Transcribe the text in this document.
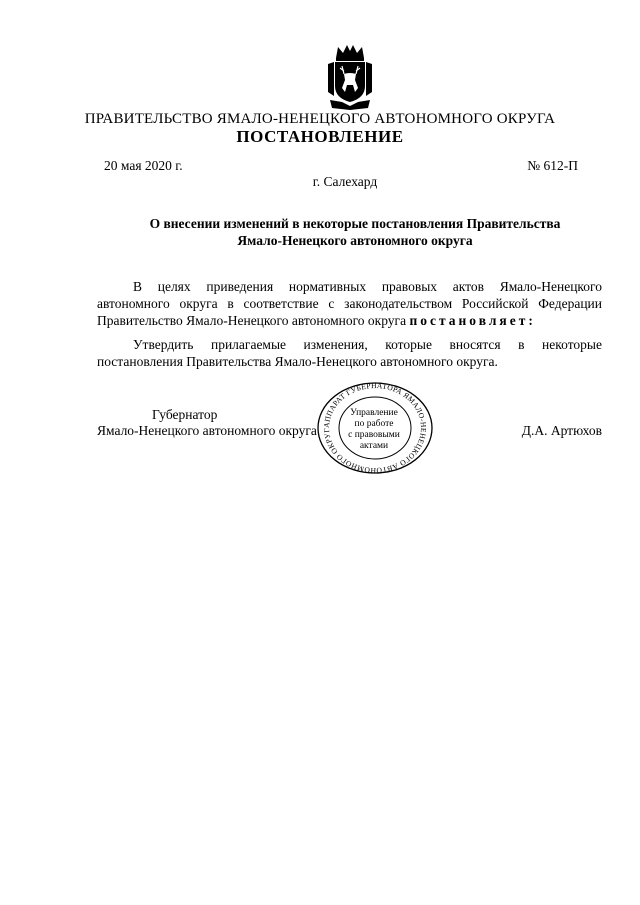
ПРАВИТЕЛЬСТВО ЯМАЛО-НЕНЕЦКОГО АВТОНОМНОГО ОКРУГА
ПОСТАНОВЛЕНИЕ
20 мая 2020 г.	№ 612-П
г. Салехард
О внесении изменений в некоторые постановления Правительства
Ямало-Ненецкого автономного округа
В целях приведения нормативных правовых актов Ямало-Ненецкого автономного округа в соответствие с законодательством Российской Федерации Правительство Ямало-Ненецкого автономного округа постановляет:
Утвердить прилагаемые изменения, которые вносятся в некоторые постановления Правительства Ямало-Ненецкого автономного округа.
АППАРАТ ГУБЕРНАТОРА ЯМАЛО-НЕНЕЦКОГО АВТОНОМНОГО ОКРУГА
Управление
по работе
с правовыми
актами
Губернатор
Ямало-Ненецкого автономного округа	Д.А. Артюхов
